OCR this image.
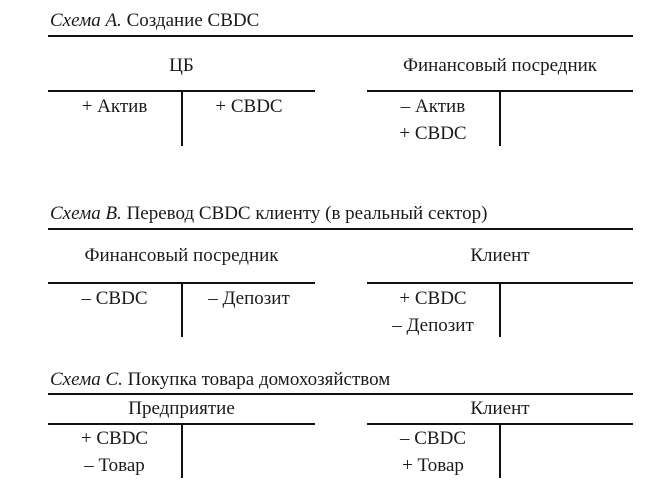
Схема A. Создание CBDC
ЦБ
+ Актив	+ CBDC
Финансовый посредник
– Актив
+ CBDC
Схема B. Перевод CBDC клиенту (в реальный сектор)
Финансовый посредник
– CBDC	– Депозит
Клиент
+ CBDC
– Депозит
Схема C. Покупка товара домохозяйством
Предприятие
+ CBDC
– Товар
Клиент
– CBDC
+ Товар
